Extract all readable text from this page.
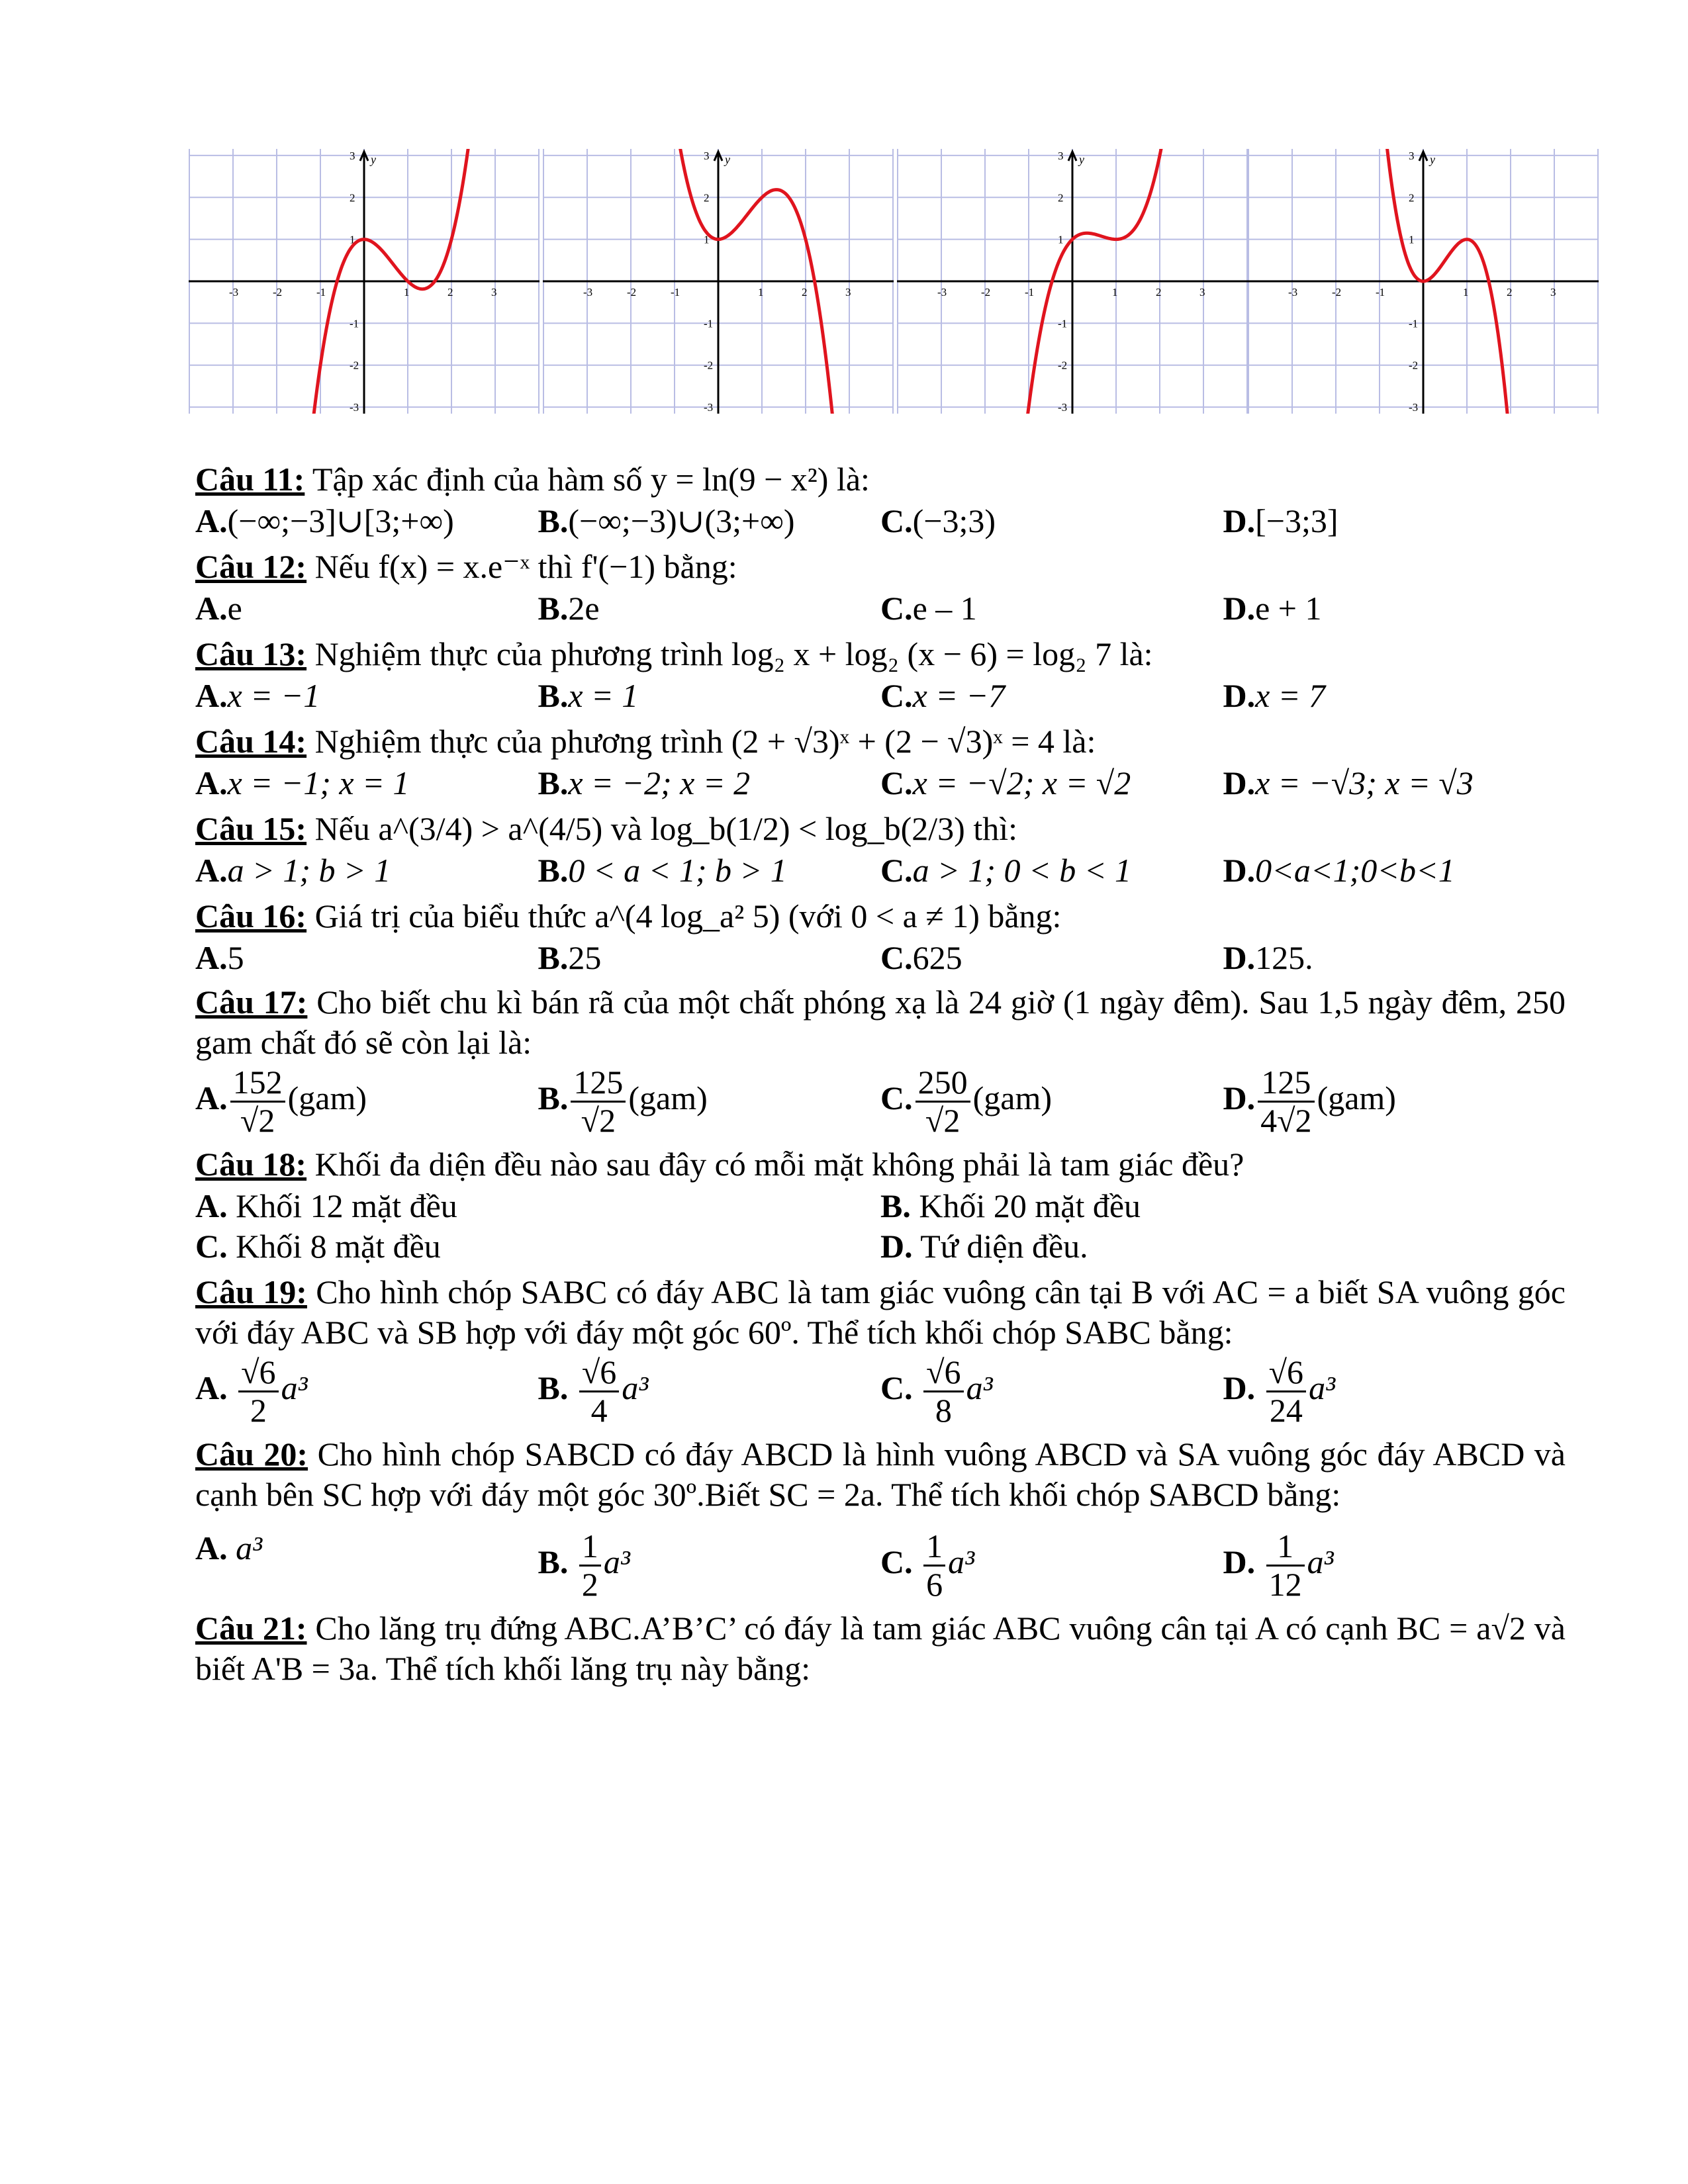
y
-3	-2	-1	1	2	3
3
2
1
-1
-2
-3
y
-3	-2	-1	1	2	3
3
2
1
-1
-2
-3
y
-3	-2	-1	1	2	3
3
2
1
-1
-2
-3
y
-3	-2	-1	1	2	3
3
2
1
-1
-2
-3
Câu 11: Tập xác định của hàm số y = ln(9 − x²) là:
A.(−∞;−3]∪[3;+∞)	B.(−∞;−3)∪(3;+∞)	C.(−3;3)	D.[−3;3]
Câu 12: Nếu f(x) = x.e⁻ˣ thì f'(−1) bằng:
A.e	B.2e	C.e – 1	D.e + 1
Câu 13: Nghiệm thực của phương trình log₂ x + log₂ (x − 6) = log₂ 7 là:
A.x = −1	B.x = 1	C.x = −7	D.x = 7
Câu 14: Nghiệm thực của phương trình (2 + √3)ˣ + (2 − √3)ˣ = 4 là:
A.x = −1; x = 1	B.x = −2; x = 2	C.x = −√2; x = √2	D.x = −√3; x = √3
Câu 15: Nếu a^(3/4) > a^(4/5) và log_b(1/2) < log_b(2/3) thì:
A.a > 1; b > 1	B.0 < a < 1; b > 1	C.a > 1; 0 < b < 1	D.0<a<1;0<b<1
Câu 16: Giá trị của biểu thức a^(4 log_a² 5) (với 0 < a ≠ 1) bằng:
A.5	B.25	C.625	D.125.
Câu 17: Cho biết chu kì bán rã của một chất phóng xạ là 24 giờ (1 ngày đêm). Sau 1,5 ngày đêm, 250 gam chất đó sẽ còn lại là:
A. $\frac{152}{√2} (gam)$	B. $\frac{125}{√2} (gam)$	C. $\frac{250}{√2} (gam)$	D. $\frac{125}{4√2} (gam)$
Câu 18: Khối đa diện đều nào sau đây có mỗi mặt không phải là tam giác đều?
A. Khối 12 mặt đều	B. Khối 20 mặt đều
C. Khối 8 mặt đều	D. Tứ diện đều.
Câu 19: Cho hình chóp SABC có đáy ABC là tam giác vuông cân tại B với AC = a biết SA vuông góc với đáy ABC và SB hợp với đáy một góc 60º. Thể tích khối chóp SABC bằng:
A. $\frac{√6}{2} a^3$	B. $\frac{√6}{4} a^3$	C. $\frac{√6}{8} a^3$	D. $\frac{√6}{24} a^3$
Câu 20: Cho hình chóp SABCD có đáy ABCD là hình vuông ABCD và SA vuông góc đáy ABCD và cạnh bên SC hợp với đáy một góc 30º.Biết SC = 2a. Thể tích khối chóp SABCD bằng:
A. a³	B. $\frac{1}{2} a^3$	C. $\frac{1}{6} a^3$	D. $\frac{1}{12} a^3$
Câu 21: Cho lăng trụ đứng ABC.A’B’C’ có đáy là tam giác ABC vuông cân tại A có cạnh BC = a√2 và biết A'B = 3a. Thể tích khối lăng trụ này bằng:
